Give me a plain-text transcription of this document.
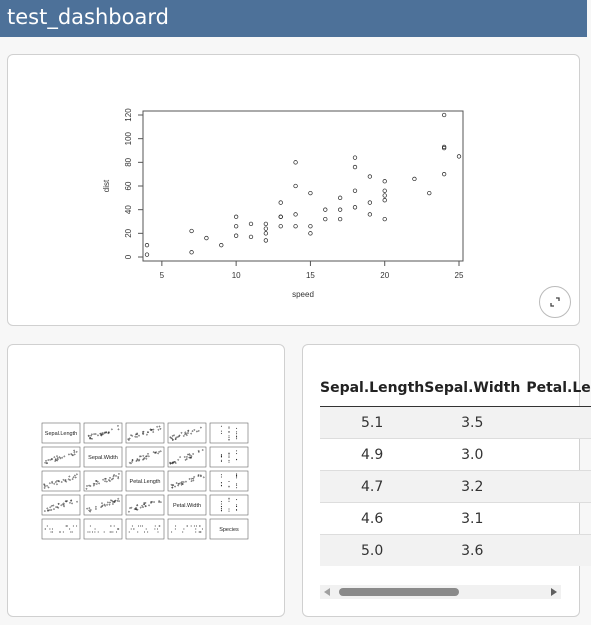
test_dashboard
5	10	15	20	25
0
20
40
60
80
100
120
speed
dist
Sepal.Length
Sepal.Width
Petal.Length
Petal.Width
Species
Sepal.Length	Sepal.Width	Petal.Le
5.1	3.5	
4.9	3.0	
4.7	3.2	
4.6	3.1	
5.0	3.6	
